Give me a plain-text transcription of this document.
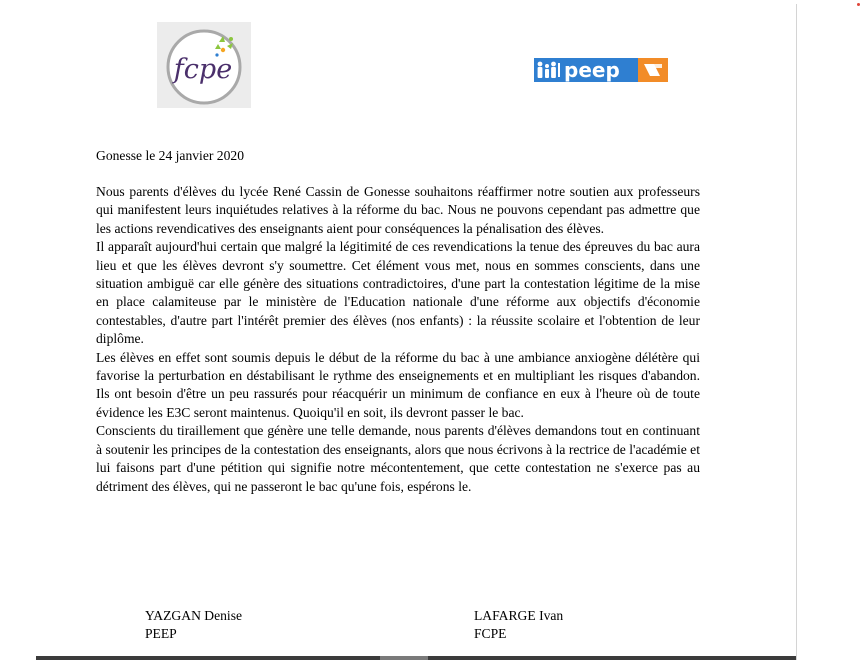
fcpe	peep
Gonesse le 24 janvier 2020

Nous parents d'élèves du lycée René Cassin de Gonesse souhaitons réaffirmer notre soutien aux professeurs qui manifestent leurs inquiétudes relatives à la réforme du bac. Nous ne pouvons cependant pas admettre que les actions revendicatives des enseignants aient pour conséquences la pénalisation des élèves.

Il apparaît aujourd'hui certain que malgré la légitimité de ces revendications la tenue des épreuves du bac aura lieu et que les élèves devront s'y soumettre. Cet élément vous met, nous en sommes conscients, dans une situation ambiguë car elle génère des situations contradictoires, d'une part la contestation légitime de la mise en place calamiteuse par le ministère de l'Education nationale d'une réforme aux objectifs d'économie contestables, d'autre part l'intérêt premier des élèves (nos enfants) : la réussite scolaire et l'obtention de leur diplôme.

Les élèves en effet sont soumis depuis le début de la réforme du bac à une ambiance anxiogène délétère qui favorise la perturbation en déstabilisant le rythme des enseignements et en multipliant les risques d'abandon. Ils ont besoin d'être un peu rassurés pour réacquérir un minimum de confiance en eux à l'heure où de toute évidence les E3C seront maintenus. Quoiqu'il en soit, ils devront passer le bac.

Conscients du tiraillement que génère une telle demande, nous parents d'élèves demandons tout en continuant à soutenir les principes de la contestation des enseignants, alors que nous écrivons à la rectrice de l'académie et lui faisons part d'une pétition qui signifie notre mécontentement, que cette contestation ne s'exerce pas au détriment des élèves, qui ne passeront le bac qu'une fois, espérons le.

YAZGAN Denise
PEEP
LAFARGE Ivan
FCPE
